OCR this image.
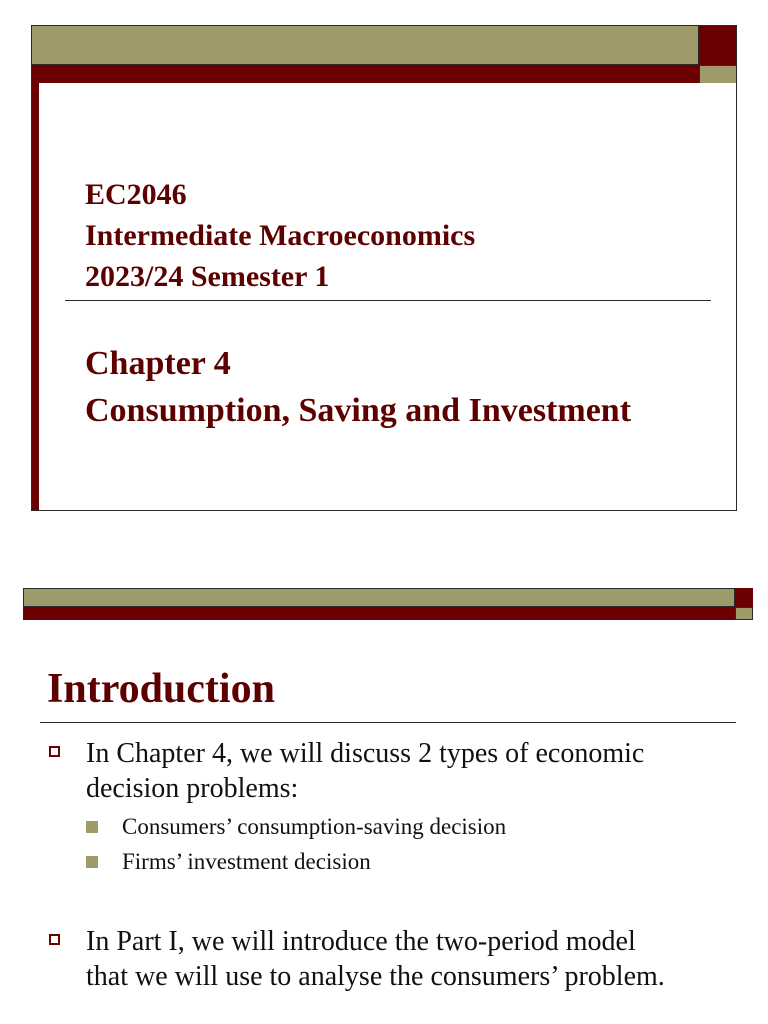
EC2046
Intermediate Macroeconomics
2023/24 Semester 1
Chapter 4
Consumption, Saving and Investment
Introduction
In Chapter 4, we will discuss 2 types of economic
decision problems:
Consumers’ consumption-saving decision
Firms’ investment decision
In Part I, we will introduce the two-period model
that we will use to analyse the consumers’ problem.
